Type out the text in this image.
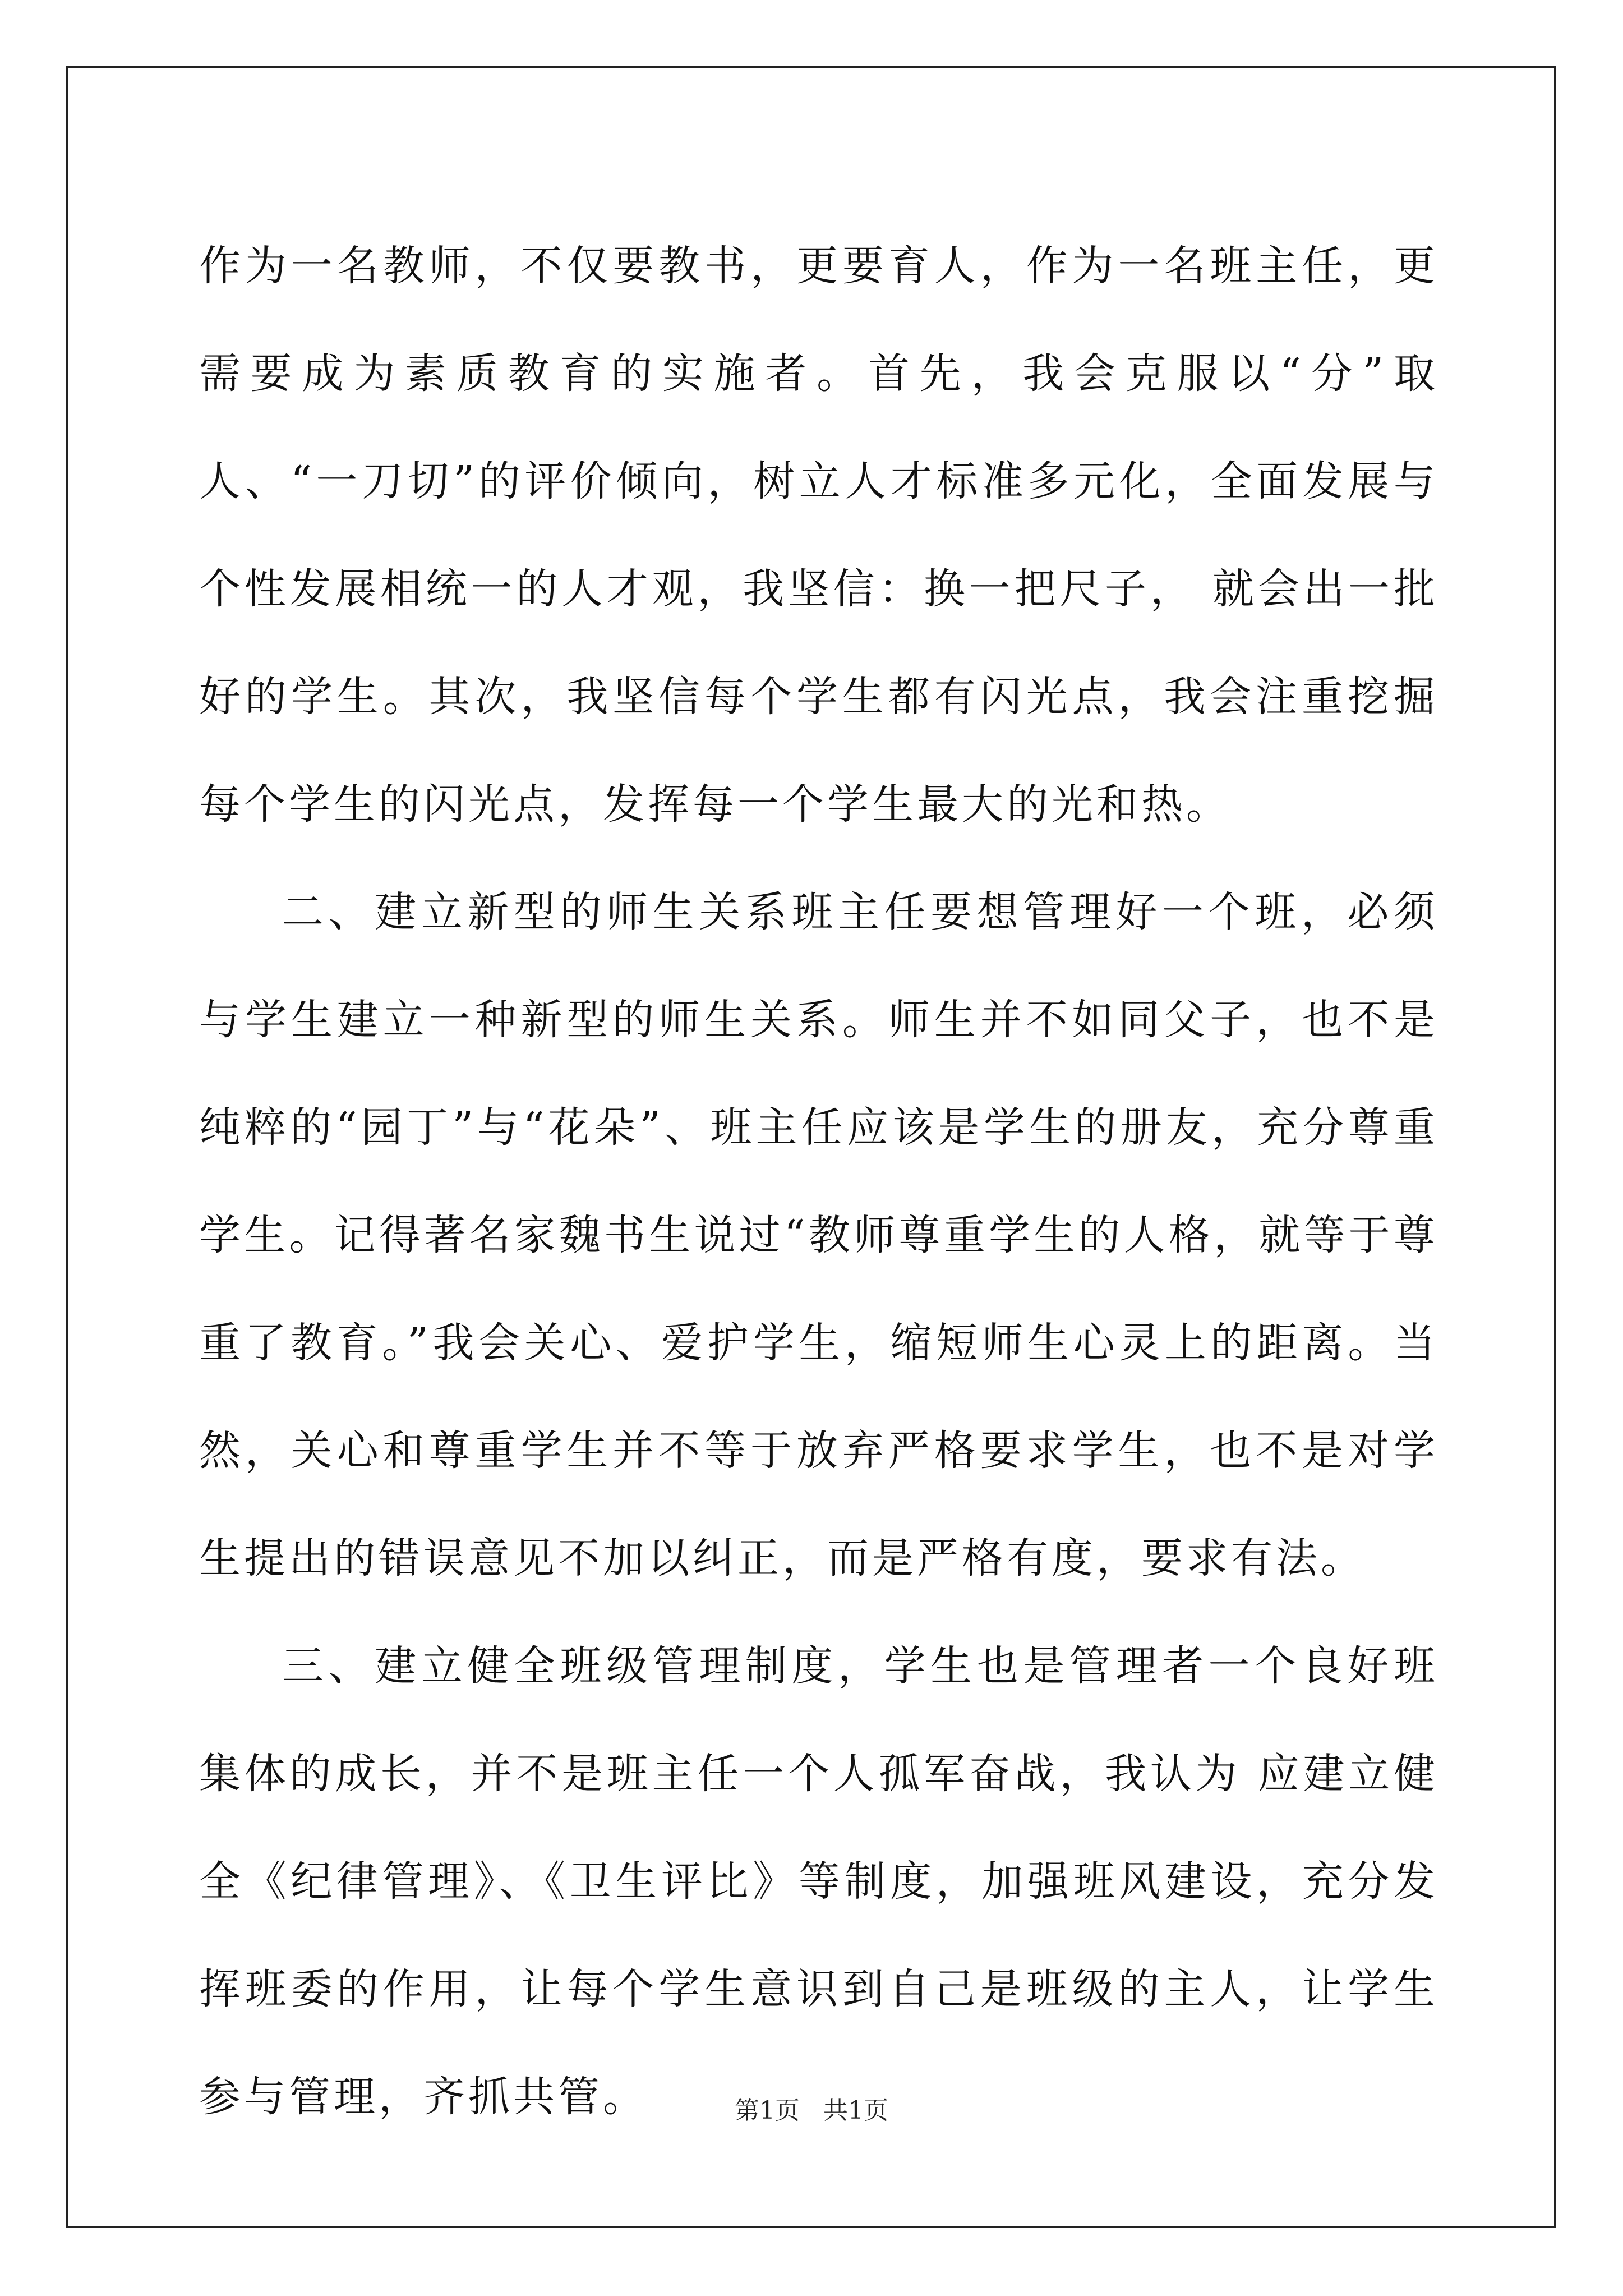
作为一名教师，不仅要教书，更要育人，作为一名班主任，更需要成为素质教育的实施者。首先，我会克服以“分”取人、“一刀切”的评价倾向，树立人才标准多元化，全面发展与个性发展相统一的人才观，我坚信：换一把尺子， 就会出一批好的学生。其次，我坚信每个学生都有闪光点，我会注重挖掘每个学生的闪光点，发挥每一个学生最大的光和热。

二、建立新型的师生关系班主任要想管理好一个班，必须与学生建立一种新型的师生关系。师生并不如同父子，也不是纯粹的“园丁”与“花朵”、班主任应该是学生的册友，充分尊重学生。记得著名家魏书生说过“教师尊重学生的人格，就等于尊重了教育。”我会关心、爱护学生，缩短师生心灵上的距离。当然，关心和尊重学生并不等于放弃严格要求学生，也不是对学生提出的错误意见不加以纠正，而是严格有度，要求有法。

三、建立健全班级管理制度，学生也是管理者一个良好班集体的成长，并不是班主任一个人孤军奋战，我认为 应建立健全《纪律管理》、《卫生评比》等制度，加强班风建设，充分发挥班委的作用，让每个学生意识到自己是班级的主人，让学生参与管理，齐抓共管。	第1页   共1页
